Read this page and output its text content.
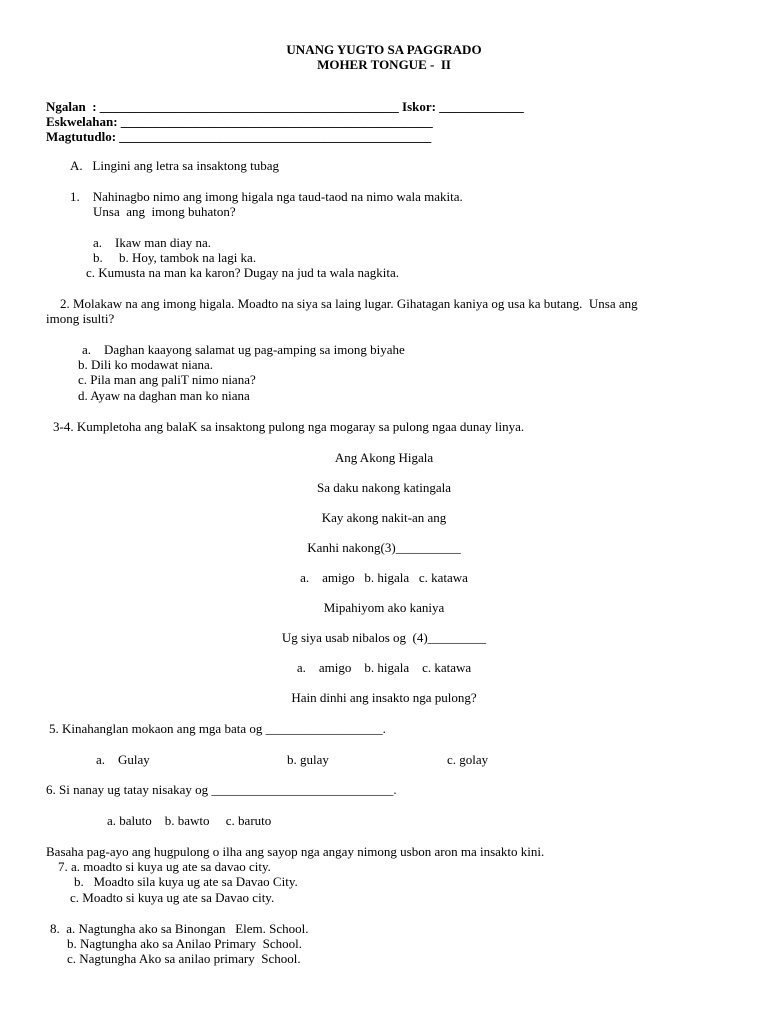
UNANG YUGTO SA PAGGRADO
MOHER TONGUE -  II
Ngalan  : ______________________________________________ Iskor: _____________
Eskwelahan: ________________________________________________
Magtutudlo: ________________________________________________
A.   Lingini ang letra sa insaktong tubag
1.    Nahinagbo nimo ang imong higala nga taud-taod na nimo wala makita.
Unsa  ang  imong buhaton?
a.    Ikaw man diay na.
b.     b. Hoy, tambok na lagi ka.
c. Kumusta na man ka karon? Dugay na jud ta wala nagkita.
2. Molakaw na ang imong higala. Moadto na siya sa laing lugar. Gihatagan kaniya og usa ka butang.  Unsa ang
imong isulti?
a.    Daghan kaayong salamat ug pag-amping sa imong biyahe
b. Dili ko modawat niana.
c. Pila man ang paliT nimo niana?
d. Ayaw na daghan man ko niana
3-4. Kumpletoha ang balaK sa insaktong pulong nga mogaray sa pulong ngaa dunay linya.
Ang Akong Higala
Sa daku nakong katingala
Kay akong nakit-an ang
Kanhi nakong(3)__________
a.    amigo   b. higala   c. katawa
Mipahiyom ako kaniya
Ug siya usab nibalos og  (4)_________
a.    amigo    b. higala    c. katawa
Hain dinhi ang insakto nga pulong?
5. Kinahanglan mokaon ang mga bata og __________________.
a.    Gulay	b. gulay	c. golay
6. Si nanay ug tatay nisakay og ____________________________.
a. baluto    b. bawto     c. baruto
Basaha pag-ayo ang hugpulong o ilha ang sayop nga angay nimong usbon aron ma insakto kini.
7. a. moadto si kuya ug ate sa davao city.
b.   Moadto sila kuya ug ate sa Davao City.
c. Moadto si kuya ug ate sa Davao city.
8.  a. Nagtungha ako sa Binongan   Elem. School.
b. Nagtungha ako sa Anilao Primary  School.
c. Nagtungha Ako sa anilao primary  School.
